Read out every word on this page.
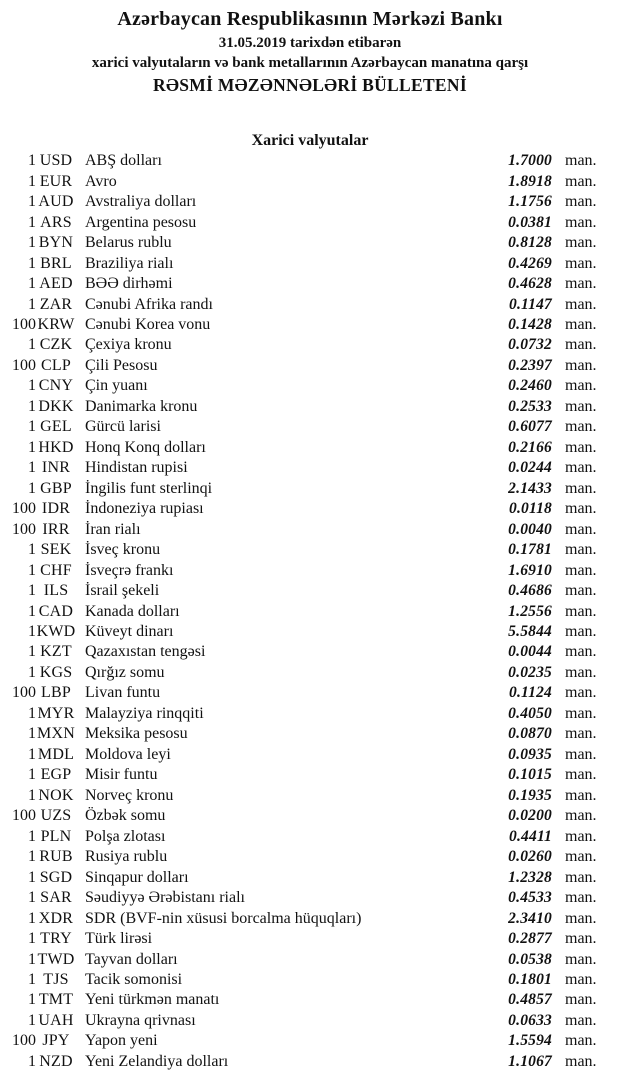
Azərbaycan Respublikasının Mərkəzi Bankı
31.05.2019 tarixdən etibarən
xarici valyutaların və bank metallarının Azərbaycan manatına qarşı
RƏSMİ MƏZƏNNƏLƏRİ BÜLLETENİ
Xarici valyutalar
1 USD ABŞ dolları	1.7000 man.
1 EUR Avro	1.8918 man.
1 AUD Avstraliya dolları	1.1756 man.
1 ARS Argentina pesosu	0.0381 man.
1 BYN Belarus rublu	0.8128 man.
1 BRL Braziliya rialı	0.4269 man.
1 AED BƏƏ dirhəmi	0.4628 man.
1 ZAR Cənubi Afrika randı	0.1147 man.
100 KRW Cənubi Korea vonu	0.1428 man.
1 CZK Çexiya kronu	0.0732 man.
100 CLP Çili Pesosu	0.2397 man.
1 CNY Çin yuanı	0.2460 man.
1 DKK Danimarka kronu	0.2533 man.
1 GEL Gürcü larisi	0.6077 man.
1 HKD Honq Konq dolları	0.2166 man.
1 INR Hindistan rupisi	0.0244 man.
1 GBP İngilis funt sterlinqi	2.1433 man.
100 IDR İndoneziya rupiası	0.0118 man.
100 IRR İran rialı	0.0040 man.
1 SEK İsveç kronu	0.1781 man.
1 CHF İsveçrə frankı	1.6910 man.
1 ILS	İsrail şekeli	0.4686 man.
1 CAD Kanada dolları	1.2556 man.
1 KWD Küveyt dinarı	5.5844 man.
1 KZT Qazaxıstan tengəsi	0.0044 man.
1 KGS Qırğız somu	0.0235 man.
100 LBP Livan funtu	0.1124 man.
1 MYR Malayziya rinqqiti	0.4050 man.
1 MXN Meksika pesosu	0.0870 man.
1 MDL Moldova leyi	0.0935 man.
1 EGP Misir funtu	0.1015 man.
1 NOK Norveç kronu	0.1935 man.
100 UZS Özbək somu	0.0200 man.
1 PLN Polşa zlotası	0.4411 man.
1 RUB Rusiya rublu	0.0260 man.
1 SGD Sinqapur dolları	1.2328 man.
1 SAR Səudiyyə Ərəbistanı rialı	0.4533 man.
1 XDR SDR (BVF-nin xüsusi borcalma hüquqları)	2.3410 man.
1 TRY Türk lirəsi	0.2877 man.
1 TWD Tayvan dolları	0.0538 man.
1 TJS	Tacik somonisi	0.1801 man.
1 TMT Yeni türkmən manatı	0.4857 man.
1 UAH Ukrayna qrivnası	0.0633 man.
100 JPY Yapon yeni	1.5594 man.
1 NZD Yeni Zelandiya dolları	1.1067 man.
